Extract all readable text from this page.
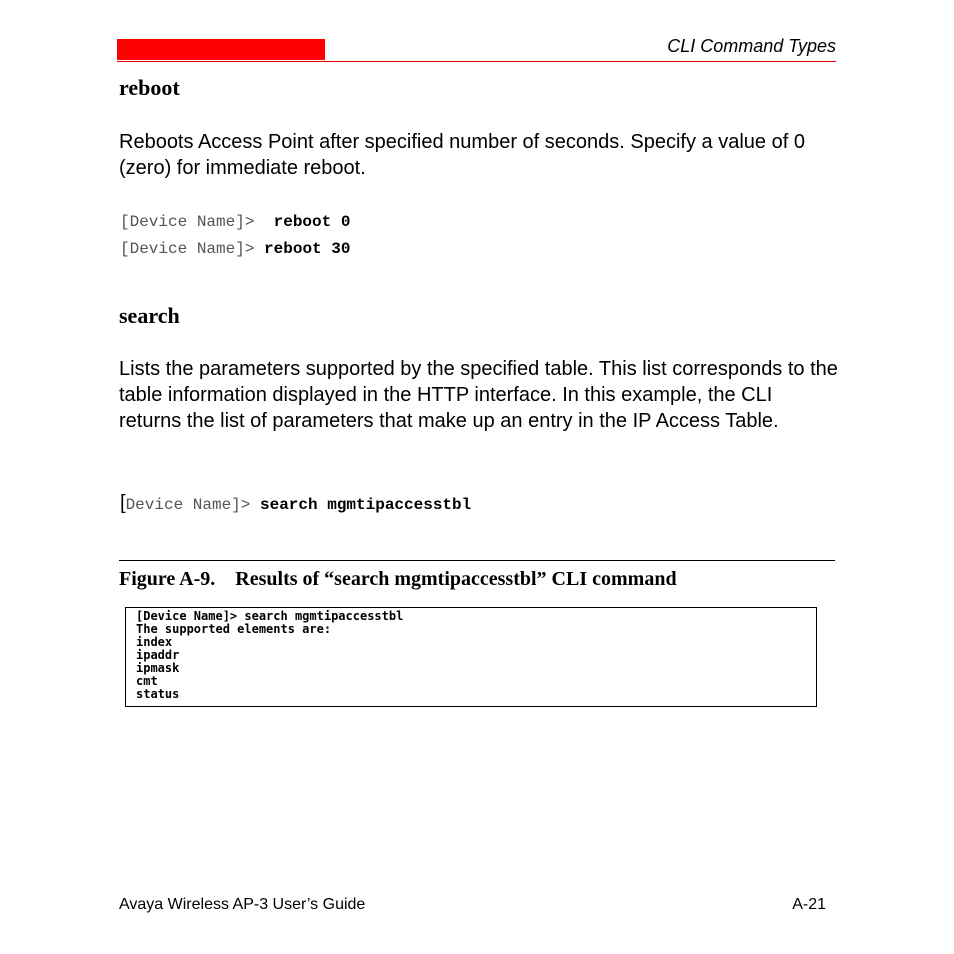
CLI Command Types
reboot
Reboots Access Point after specified number of seconds. Specify a value of 0 (zero) for immediate reboot.
[Device Name]> reboot 0
[Device Name]> reboot 30
search
Lists the parameters supported by the specified table. This list corresponds to the table information displayed in the HTTP interface. In this example, the CLI returns the list of parameters that make up an entry in the IP Access Table.
[Device Name]> search mgmtipaccesstbl
Figure A-9. Results of “search mgmtipaccesstbl” CLI command
[Device Name]> search mgmtipaccesstbl
The supported elements are:
index
ipaddr
ipmask
cmt
status
Avaya Wireless AP-3 User’s Guide	A-21
